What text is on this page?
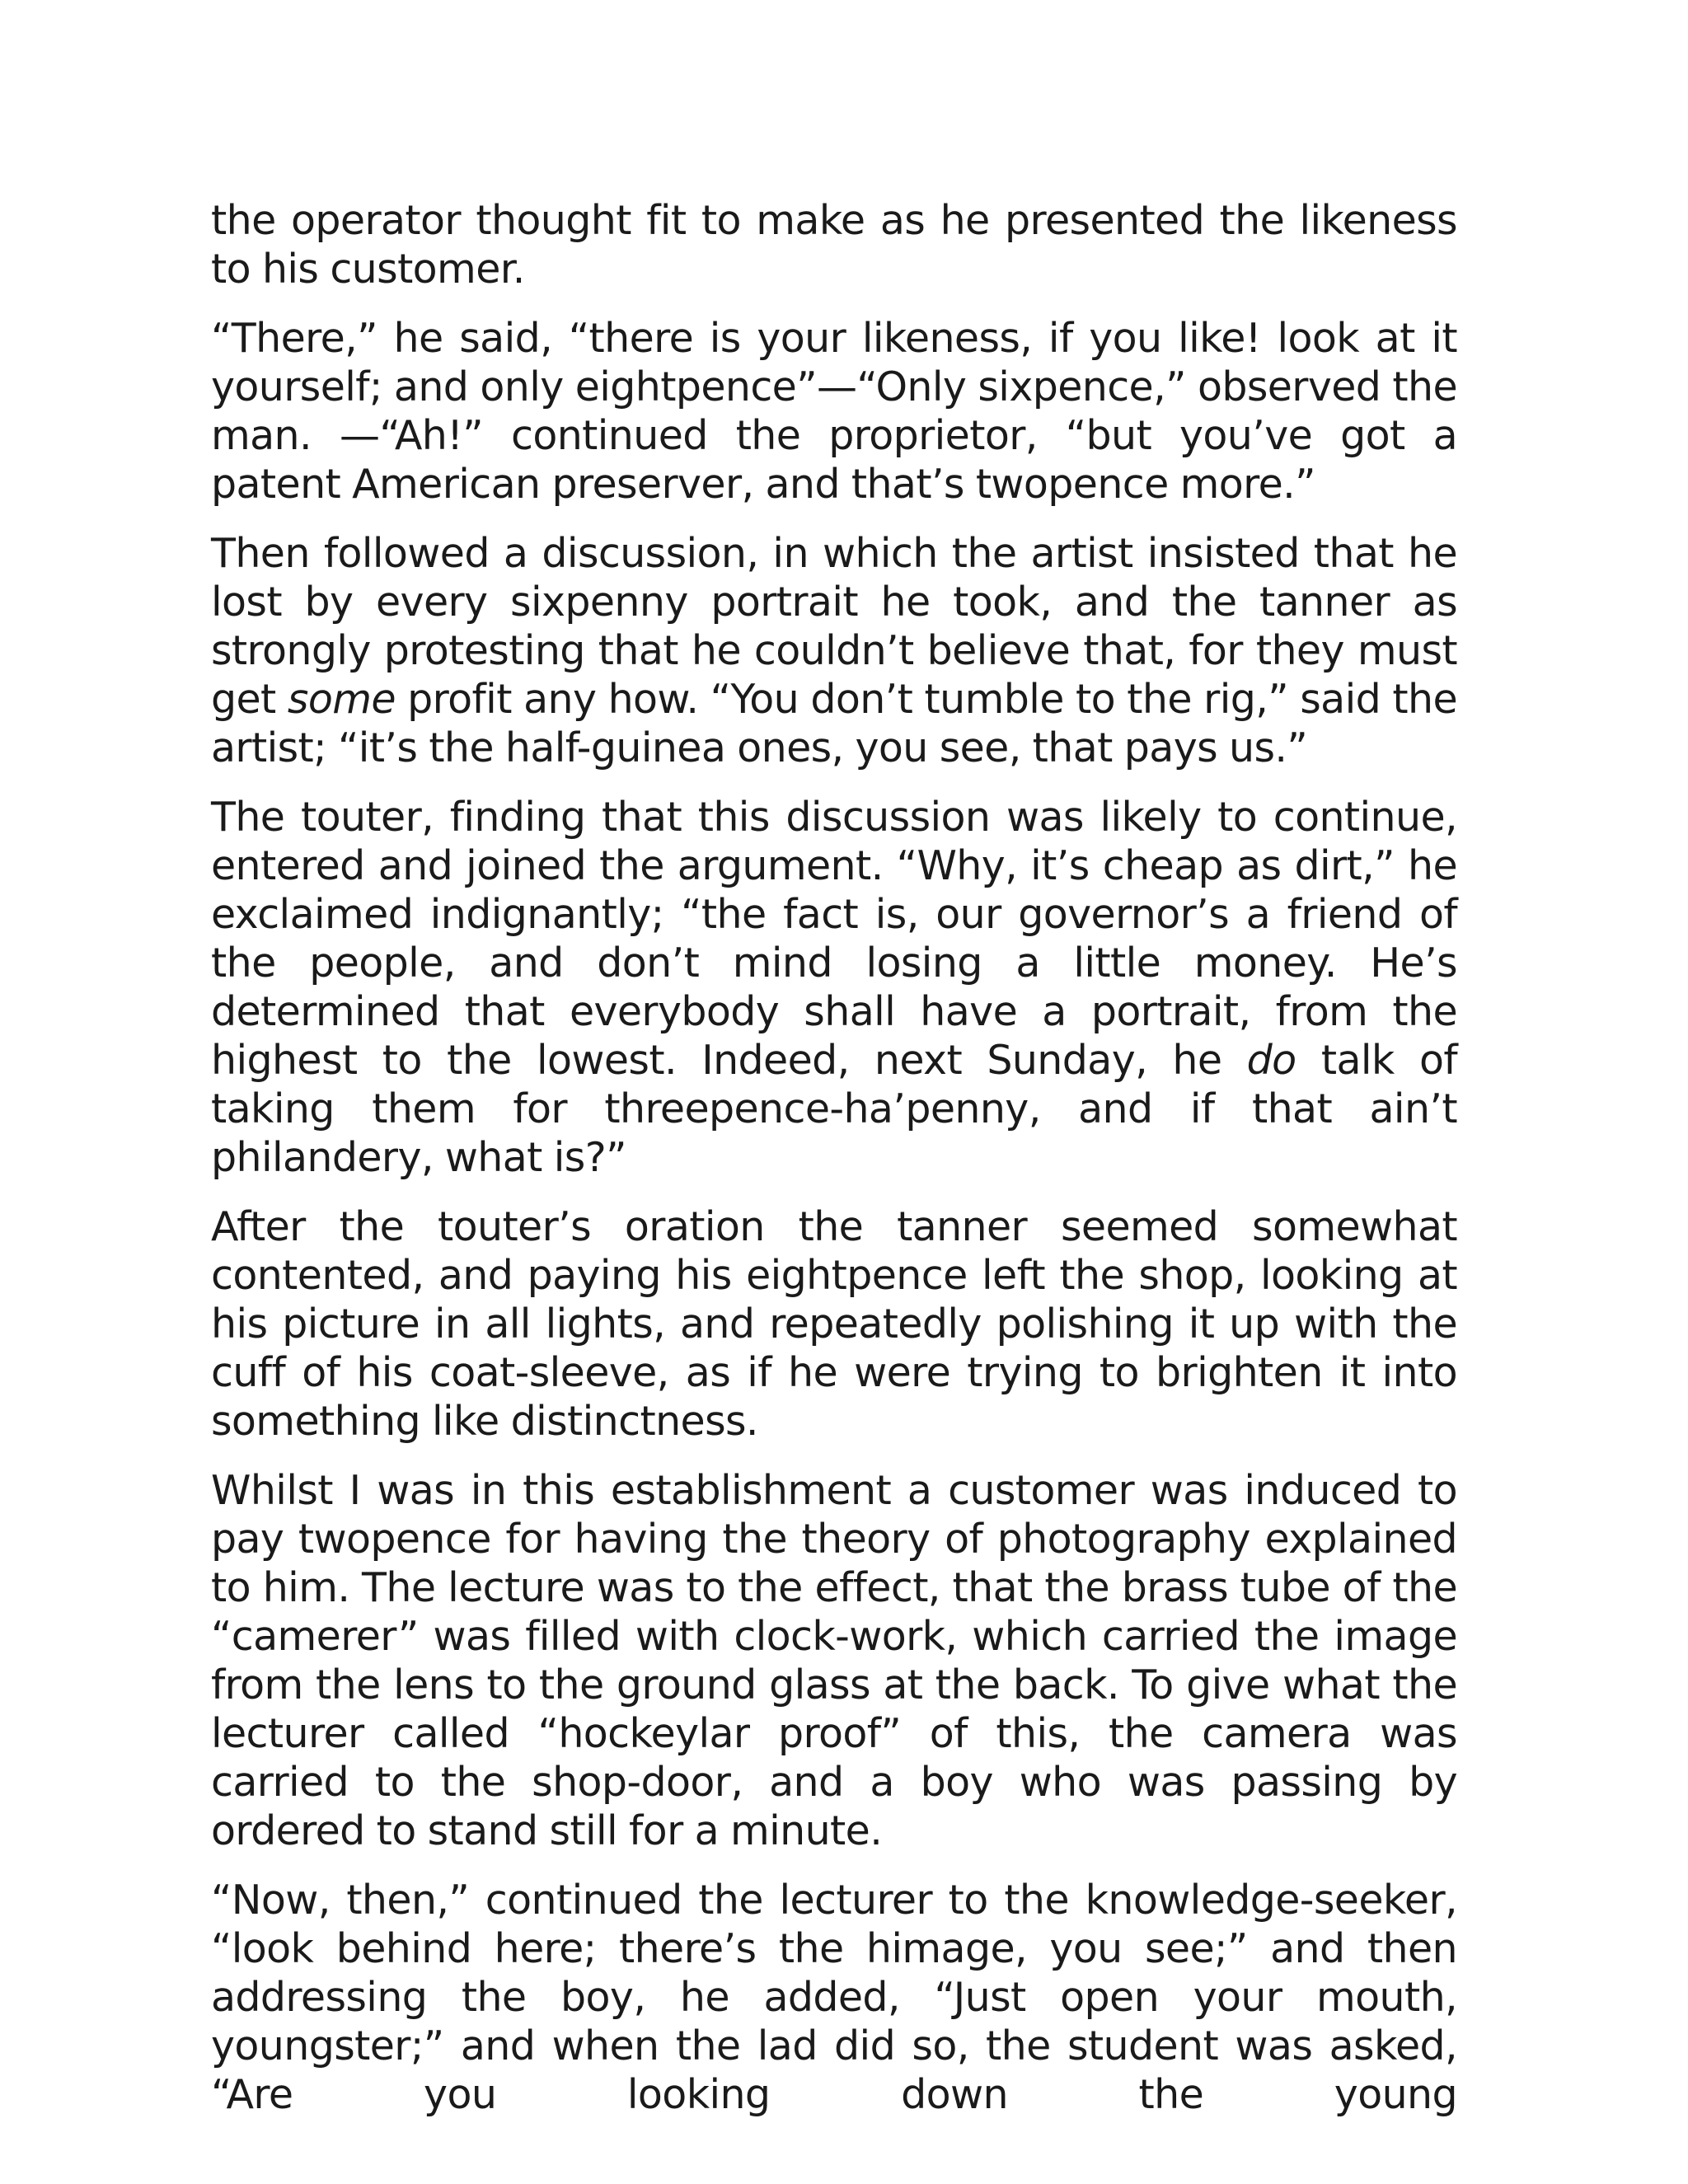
the operator thought fit to make as he presented the likeness to his customer.

“There,” he said, “there is your likeness, if you like! look at it yourself; and only eightpence”—“Only sixpence,” observed the man. —“Ah!” continued the proprietor, “but you’ve got a patent American preserver, and that’s twopence more.”

Then followed a discussion, in which the artist insisted that he lost by every sixpenny portrait he took, and the tanner as strongly protesting that he couldn’t believe that, for they must get some profit any how. “You don’t tumble to the rig,” said the artist; “it’s the half-guinea ones, you see, that pays us.”

The touter, finding that this discussion was likely to continue, entered and joined the argument. “Why, it’s cheap as dirt,” he exclaimed indignantly; “the fact is, our governor’s a friend of the people, and don’t mind losing a little money. He’s determined that everybody shall have a portrait, from the highest to the lowest. Indeed, next Sunday, he do talk of taking them for threepence-ha’penny, and if that ain’t philandery, what is?”

After the touter’s oration the tanner seemed somewhat contented, and paying his eightpence left the shop, looking at his picture in all lights, and repeatedly polishing it up with the cuff of his coat-sleeve, as if he were trying to brighten it into something like distinctness.

Whilst I was in this establishment a customer was induced to pay twopence for having the theory of photography explained to him. The lecture was to the effect, that the brass tube of the “camerer” was filled with clock-work, which carried the image from the lens to the ground glass at the back. To give what the lecturer called “hockeylar proof” of this, the camera was carried to the shop-door, and a boy who was passing by ordered to stand still for a minute.

“Now, then,” continued the lecturer to the knowledge-seeker, “look behind here; there’s the himage, you see;” and then addressing the boy, he added, “Just open your mouth, youngster;” and when the lad did so, the student was asked, “Are you looking down the young
